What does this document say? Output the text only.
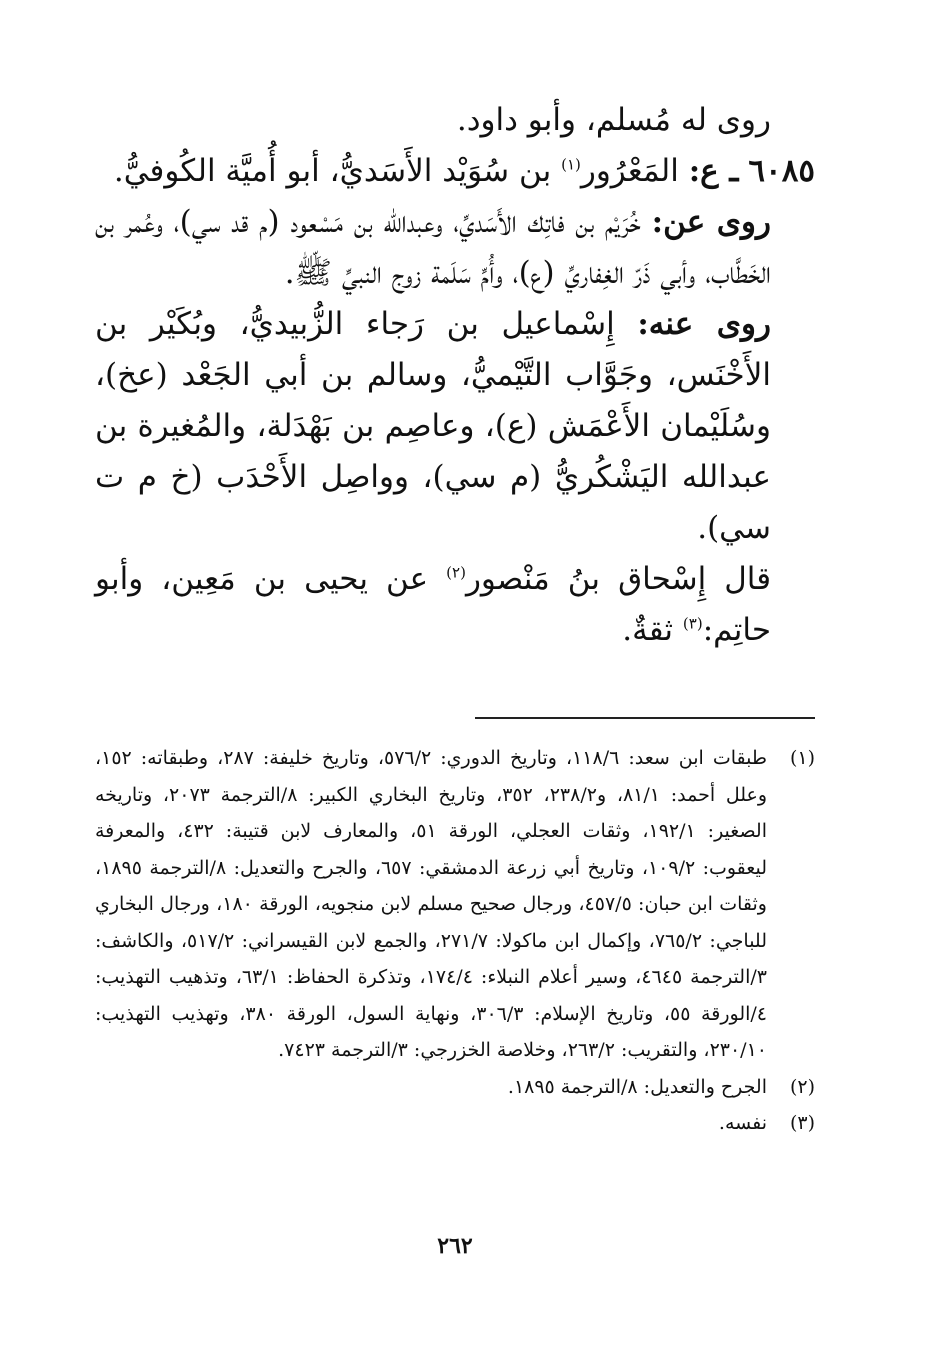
روى له مُسلم، وأبو داود.

٦٠٨٥ ـ ع: المَعْرُور$^{(١)}$ بن سُوَيْد الأَسَديُّ، أبو أُميَّة الكُوفيُّ.

روى عن: خُرَيْم بن فاتِك الأَسَديِّ، وعبدالله بن مَسْعود (م قد سي)، وعُمر بن الخَطَّاب، وأبي ذَرّ الغِفاريِّ (ع)، وأُمِّ سَلَمة زوج النبيِّ ﷺ.

روى عنه: إِسْماعيل بن رَجاء الزُّبيديُّ، وبُكَيْر بن الأَخْنَس، وجَوَّاب التَّيْميُّ، وسالم بن أبي الجَعْد (عخ)، وسُلَيْمان الأَعْمَش (ع)، وعاصِم بن بَهْدَلة، والمُغيرة بن عبدالله اليَشْكُريُّ (م سي)، وواصِل الأَحْدَب (خ م ت سي).

قال إِسْحاق بنُ مَنْصور$^{(٢)}$ عن يحيى بن مَعِين، وأبو حاتِم:$^{(٣)}$ ثقةٌ.

(١)
طبقات ابن سعد: ١١٨/٦، وتاريخ الدوري: ٥٧٦/٢، وتاريخ خليفة: ٢٨٧، وطبقاته: ١٥٢، وعلل أحمد: ٨١/١، و٢٣٨/٢، ٣٥٢، وتاريخ البخاري الكبير: ٨/الترجمة ٢٠٧٣، وتاريخه الصغير: ١٩٢/١، وثقات العجلي، الورقة ٥١، والمعارف لابن قتيبة: ٤٣٢، والمعرفة ليعقوب: ١٠٩/٢، وتاريخ أبي زرعة الدمشقي: ٦٥٧، والجرح والتعديل: ٨/الترجمة ١٨٩٥، وثقات ابن حبان: ٤٥٧/٥، ورجال صحيح مسلم لابن منجويه، الورقة ١٨٠، ورجال البخاري للباجي: ٧٦٥/٢، وإكمال ابن ماكولا: ٢٧١/٧، والجمع لابن القيسراني: ٥١٧/٢، والكاشف: ٣/الترجمة ٤٦٤٥، وسير أعلام النبلاء: ١٧٤/٤، وتذكرة الحفاظ: ٦٣/١، وتذهيب التهذيب: ٤/الورقة ٥٥، وتاريخ الإسلام: ٣٠٦/٣، ونهاية السول، الورقة ٣٨٠، وتهذيب التهذيب: ٢٣٠/١٠، والتقريب: ٢٦٣/٢، وخلاصة الخزرجي: ٣/الترجمة ٧٤٢٣.
(٢)
الجرح والتعديل: ٨/الترجمة ١٨٩٥.
(٣)
نفسه.
٢٦٢
